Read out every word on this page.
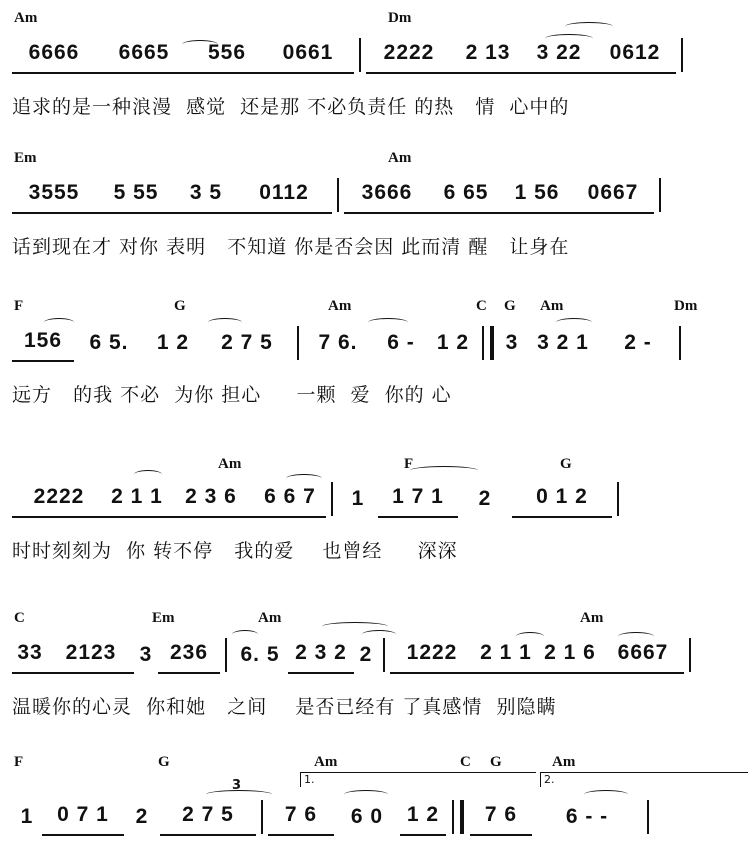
Am	Dm
6666	6665	556	0661	2222	2 13	3 22	0612
追求的是一种浪漫  感觉  还是那 不必负责任 的热   情  心中的
Em	Am
3555	5 55	3 5	0112	3666	6 65	1 56	0667
话到现在才 对你 表明   不知道 你是否会因 此而清 醒   让身在
F	G	Am	C G Am	Dm
156	6 5.	1 2	2 7 5	7 6.	6 -	1 2	3 3 2 1	2 -
远方   的我 不必  为你 担心     一颗  爱  你的 心
Am	F	G
2222	2 1 1	2 3 6	6 6 7	1	1 7 1	2	0 1 2
时时刻刻为  你 转不停   我的爱    也曾经     深深
C	Em	Am	Am
33	2123	3 236	6. 5 2 3 2 2	1222	2 1 1 2 1 6	6667
温暖你的心灵  你和她   之间    是否已经有 了真感情  别隐瞒
F	G	Am	C G	Am
1.	2.
3
1	0 7 1	2	2 7 5	7 6	6 0	1 2	7 6	6 - -
